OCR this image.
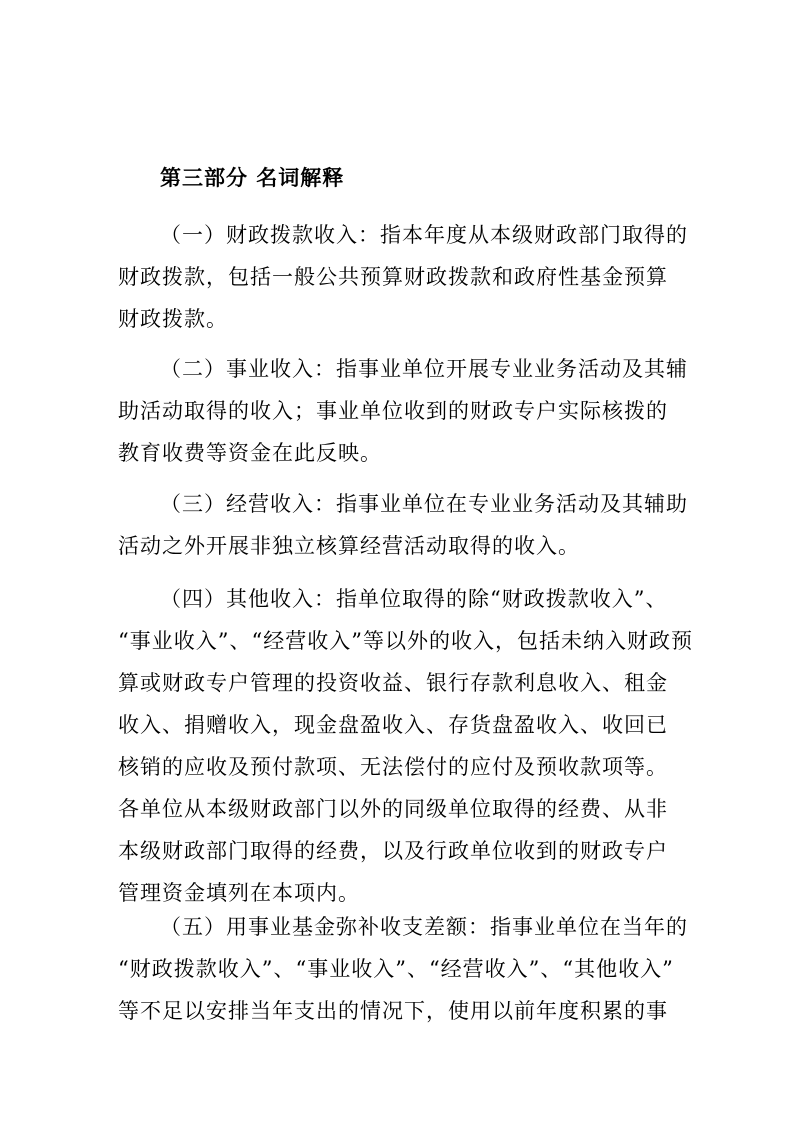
第三部分 名词解释

（一）财政拨款收入：指本年度从本级财政部门取得的
财政拨款，包括一般公共预算财政拨款和政府性基金预算
财政拨款。

（二）事业收入：指事业单位开展专业业务活动及其辅
助活动取得的收入；事业单位收到的财政专户实际核拨的
教育收费等资金在此反映。

（三）经营收入：指事业单位在专业业务活动及其辅助
活动之外开展非独立核算经营活动取得的收入。

（四）其他收入：指单位取得的除“财政拨款收入”、
“事业收入”、“经营收入”等以外的收入，包括未纳入财政预
算或财政专户管理的投资收益、银行存款利息收入、租金
收入、捐赠收入，现金盘盈收入、存货盘盈收入、收回已
核销的应收及预付款项、无法偿付的应付及预收款项等。
各单位从本级财政部门以外的同级单位取得的经费、从非
本级财政部门取得的经费，以及行政单位收到的财政专户
管理资金填列在本项内。

（五）用事业基金弥补收支差额：指事业单位在当年的
“财政拨款收入”、“事业收入”、“经营收入”、“其他收入”
等不足以安排当年支出的情况下，使用以前年度积累的事
